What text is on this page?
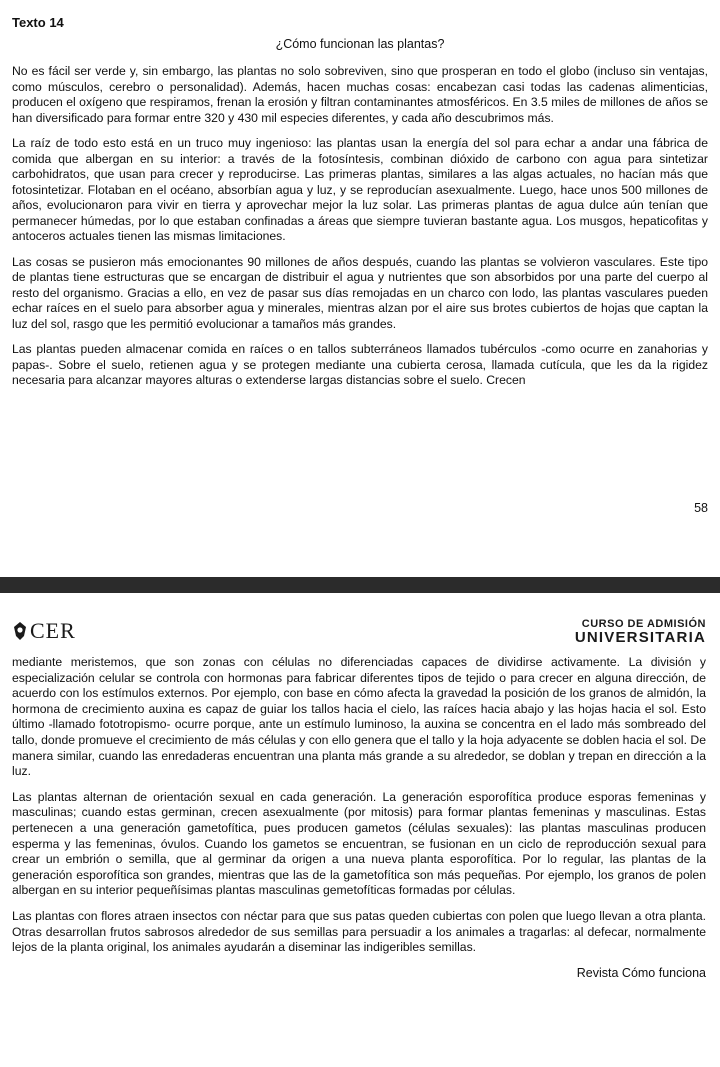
Texto 14

¿Cómo funcionan las plantas?

No es fácil ser verde y, sin embargo, las plantas no solo sobreviven, sino que prosperan en todo el globo (incluso sin ventajas, como músculos, cerebro o personalidad). Además, hacen muchas cosas: encabezan casi todas las cadenas alimenticias, producen el oxígeno que respiramos, frenan la erosión y filtran contaminantes atmosféricos. En 3.5 miles de millones de años se han diversificado para formar entre 320 y 430 mil especies diferentes, y cada año descubrimos más.

La raíz de todo esto está en un truco muy ingenioso: las plantas usan la energía del sol para echar a andar una fábrica de comida que albergan en su interior: a través de la fotosíntesis, combinan dióxido de carbono con agua para sintetizar carbohidratos, que usan para crecer y reproducirse. Las primeras plantas, similares a las algas actuales, no hacían más que fotosintetizar. Flotaban en el océano, absorbían agua y luz, y se reproducían asexualmente. Luego, hace unos 500 millones de años, evolucionaron para vivir en tierra y aprovechar mejor la luz solar. Las primeras plantas de agua dulce aún tenían que permanecer húmedas, por lo que estaban confinadas a áreas que siempre tuvieran bastante agua. Los musgos, hepaticofitas y antoceros actuales tienen las mismas limitaciones.

Las cosas se pusieron más emocionantes 90 millones de años después, cuando las plantas se volvieron vasculares. Este tipo de plantas tiene estructuras que se encargan de distribuir el agua y nutrientes que son absorbidos por una parte del cuerpo al resto del organismo. Gracias a ello, en vez de pasar sus días remojadas en un charco con lodo, las plantas vasculares pueden echar raíces en el suelo para absorber agua y minerales, mientras alzan por el aire sus brotes cubiertos de hojas que captan la luz del sol, rasgo que les permitió evolucionar a tamaños más grandes.

Las plantas pueden almacenar comida en raíces o en tallos subterráneos llamados tubérculos -como ocurre en zanahorias y papas-. Sobre el suelo, retienen agua y se protegen mediante una cubierta cerosa, llamada cutícula, que les da la rigidez necesaria para alcanzar mayores alturas o extenderse largas distancias sobre el suelo. Crecen

58
CER	CURSO DE ADMISIÓN
UNIVERSITARIA

mediante meristemos, que son zonas con células no diferenciadas capaces de dividirse activamente. La división y especialización celular se controla con hormonas para fabricar diferentes tipos de tejido o para crecer en alguna dirección, de acuerdo con los estímulos externos. Por ejemplo, con base en cómo afecta la gravedad la posición de los granos de almidón, la hormona de crecimiento auxina es capaz de guiar los tallos hacia el cielo, las raíces hacia abajo y las hojas hacia el sol. Esto último -llamado fototropismo- ocurre porque, ante un estímulo luminoso, la auxina se concentra en el lado más sombreado del tallo, donde promueve el crecimiento de más células y con ello genera que el tallo y la hoja adyacente se doblen hacia el sol. De manera similar, cuando las enredaderas encuentran una planta más grande a su alrededor, se doblan y trepan en dirección a la luz.

Las plantas alternan de orientación sexual en cada generación. La generación esporofítica produce esporas femeninas y masculinas; cuando estas germinan, crecen asexualmente (por mitosis) para formar plantas femeninas y masculinas. Estas pertenecen a una generación gametofítica, pues producen gametos (células sexuales): las plantas masculinas producen esperma y las femeninas, óvulos. Cuando los gametos se encuentran, se fusionan en un ciclo de reproducción sexual para crear un embrión o semilla, que al germinar da origen a una nueva planta esporofítica. Por lo regular, las plantas de la generación esporofítica son grandes, mientras que las de la gametofítica son más pequeñas. Por ejemplo, los granos de polen albergan en su interior pequeñísimas plantas masculinas gemetofíticas formadas por células.

Las plantas con flores atraen insectos con néctar para que sus patas queden cubiertas con polen que luego llevan a otra planta. Otras desarrollan frutos sabrosos alrededor de sus semillas para persuadir a los animales a tragarlas: al defecar, normalmente lejos de la planta original, los animales ayudarán a diseminar las indigeribles semillas.

Revista Cómo funciona
